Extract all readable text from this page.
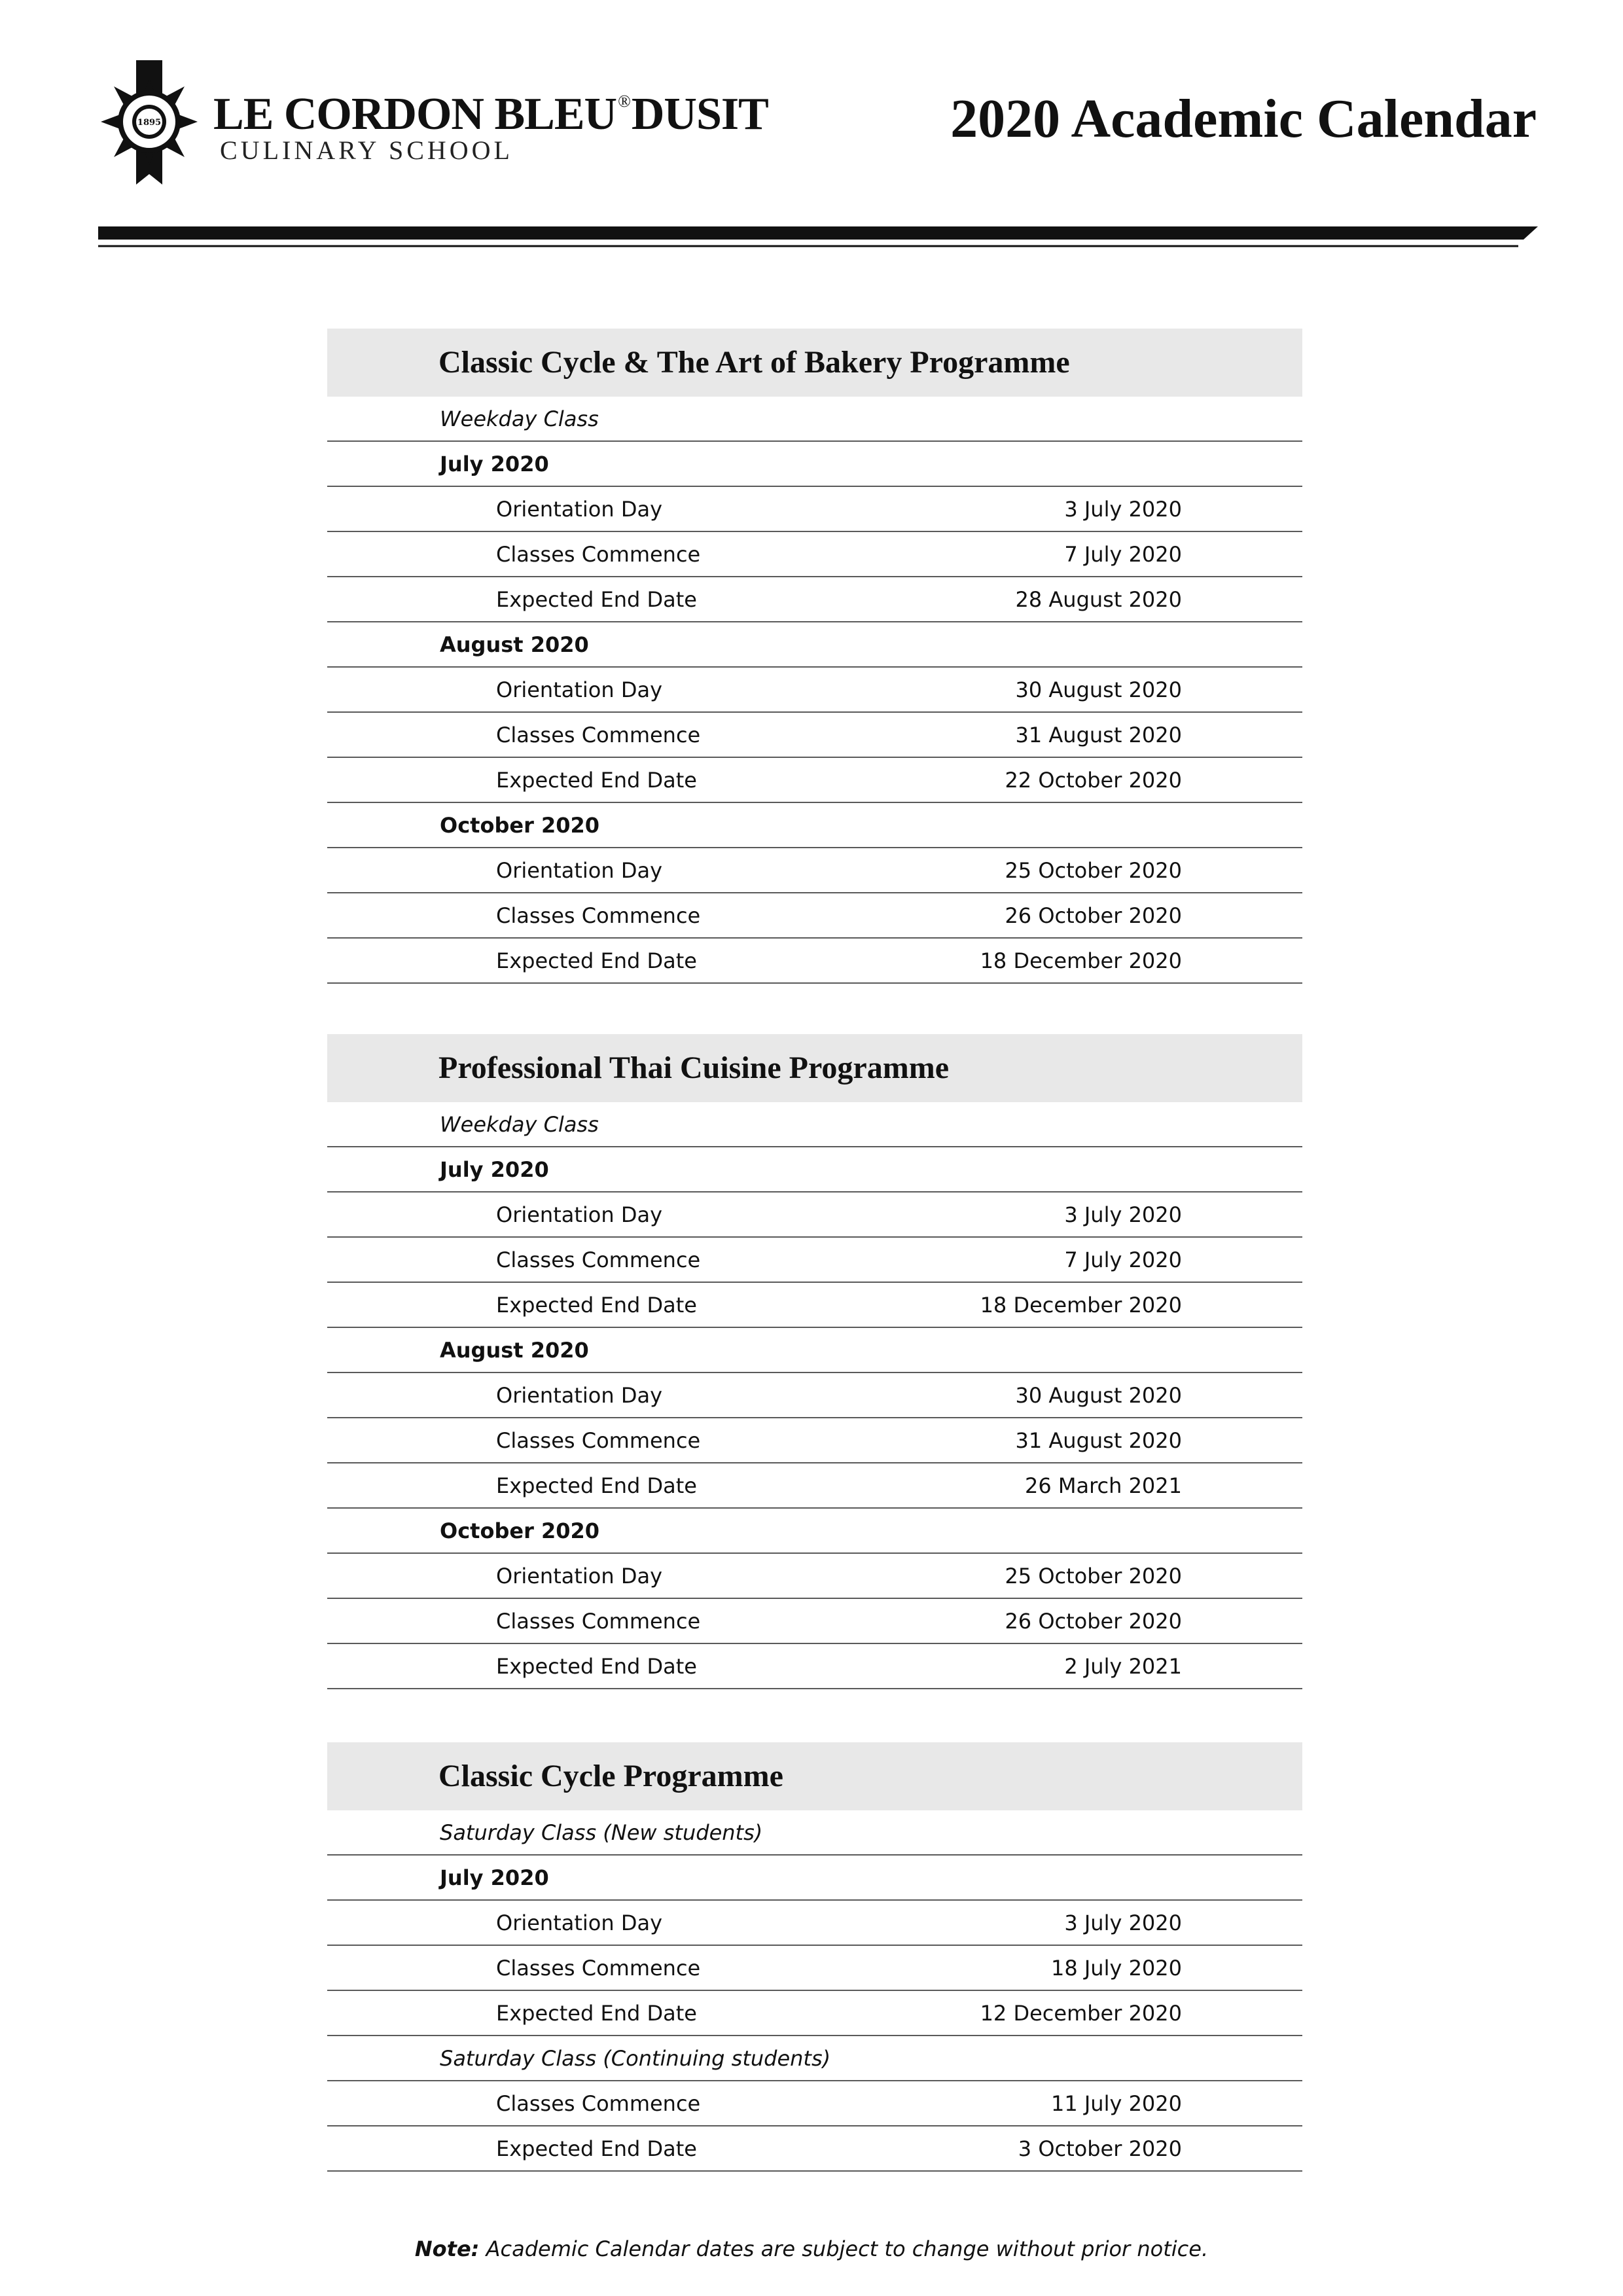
1895 LE CORDON BLEU®DUSIT
CULINARY SCHOOL
2020 Academic Calendar
Classic Cycle & The Art of Bakery Programme
Weekday Class
July 2020
Orientation Day	3 July 2020
Classes Commence	7 July 2020
Expected End Date	28 August 2020
August 2020
Orientation Day	30 August 2020
Classes Commence	31 August 2020
Expected End Date	22 October 2020
October 2020
Orientation Day	25 October 2020
Classes Commence	26 October 2020
Expected End Date	18 December 2020
Professional Thai Cuisine Programme
Weekday Class
July 2020
Orientation Day	3 July 2020
Classes Commence	7 July 2020
Expected End Date	18 December 2020
August 2020
Orientation Day	30 August 2020
Classes Commence	31 August 2020
Expected End Date	26 March 2021
October 2020
Orientation Day	25 October 2020
Classes Commence	26 October 2020
Expected End Date	2 July 2021
Classic Cycle Programme
Saturday Class (New students)
July 2020
Orientation Day	3 July 2020
Classes Commence	18 July 2020
Expected End Date	12 December 2020
Saturday Class (Continuing students)
Classes Commence	11 July 2020
Expected End Date	3 October 2020
Note: Academic Calendar dates are subject to change without prior notice.
